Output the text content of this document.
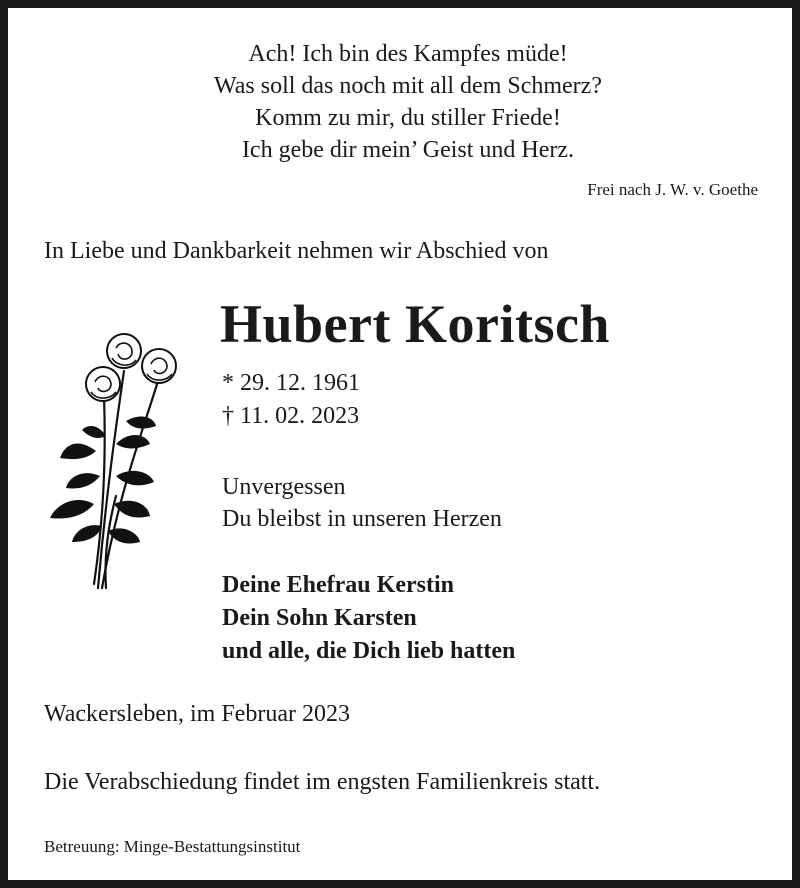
Ach! Ich bin des Kampfes müde!
Was soll das noch mit all dem Schmerz?
Komm zu mir, du stiller Friede!
Ich gebe dir mein’ Geist und Herz.
Frei nach J. W. v. Goethe
In Liebe und Dankbarkeit nehmen wir Abschied von
Hubert Koritsch
* 29. 12. 1961
† 11. 02. 2023
Unvergessen
Du bleibst in unseren Herzen
Deine Ehefrau Kerstin
Dein Sohn Karsten
und alle, die Dich lieb hatten
Wackersleben, im Februar 2023
Die Verabschiedung findet im engsten Familienkreis statt.
Betreuung: Minge-Bestattungsinstitut
